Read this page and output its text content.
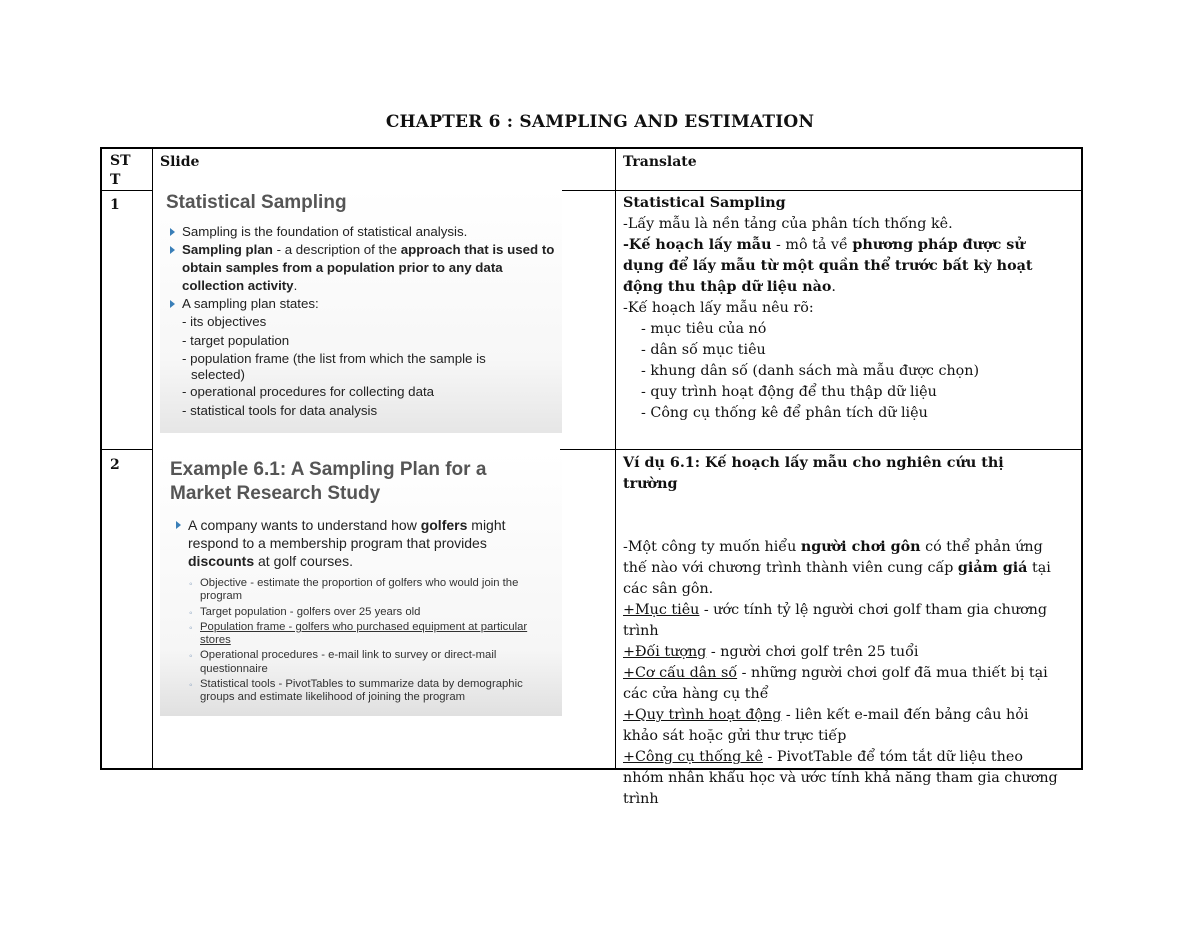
CHAPTER 6 : SAMPLING AND ESTIMATION
ST
T
Slide	Translate
1 Statistical Sampling
Sampling is the foundation of statistical analysis.
Sampling plan - a description of the approach that is used to obtain samples from a population prior to any data collection activity.
A sampling plan states:
- its objectives
- target population
- population frame (the list from which the sample is
selected)
- operational procedures for collecting data
- statistical tools for data analysis
Statistical Sampling
-Lấy mẫu là nền tảng của phân tích thống kê.
-Kế hoạch lấy mẫu - mô tả về phương pháp được sử dụng để lấy mẫu từ một quần thể trước bất kỳ hoạt động thu thập dữ liệu nào.
-Kế hoạch lấy mẫu nêu rõ:
- mục tiêu của nó
- dân số mục tiêu
- khung dân số (danh sách mà mẫu được chọn)
- quy trình hoạt động để thu thập dữ liệu
- Công cụ thống kê để phân tích dữ liệu
2	Example 6.1: A Sampling Plan for a Market Research Study
A company wants to understand how golfers might respond to a membership program that provides discounts at golf courses.
◦ Objective - estimate the proportion of golfers who would join the program
◦ Target population - golfers over 25 years old
◦ Population frame - golfers who purchased equipment at particular stores
◦ Operational procedures - e-mail link to survey or direct-mail questionnaire
◦ Statistical tools - PivotTables to summarize data by demographic groups and estimate likelihood of joining the program
Ví dụ 6.1: Kế hoạch lấy mẫu cho nghiên cứu thị trường
-Một công ty muốn hiểu người chơi gôn có thể phản ứng thế nào với chương trình thành viên cung cấp giảm giá tại các sân gôn.
+Mục tiêu - ước tính tỷ lệ người chơi golf tham gia chương trình
+Đối tượng - người chơi golf trên 25 tuổi
+Cơ cấu dân số - những người chơi golf đã mua thiết bị tại các cửa hàng cụ thể
+Quy trình hoạt động - liên kết e-mail đến bảng câu hỏi khảo sát hoặc gửi thư trực tiếp
+Công cụ thống kê - PivotTable để tóm tắt dữ liệu theo nhóm nhân khẩu học và ước tính khả năng tham gia chương trình
